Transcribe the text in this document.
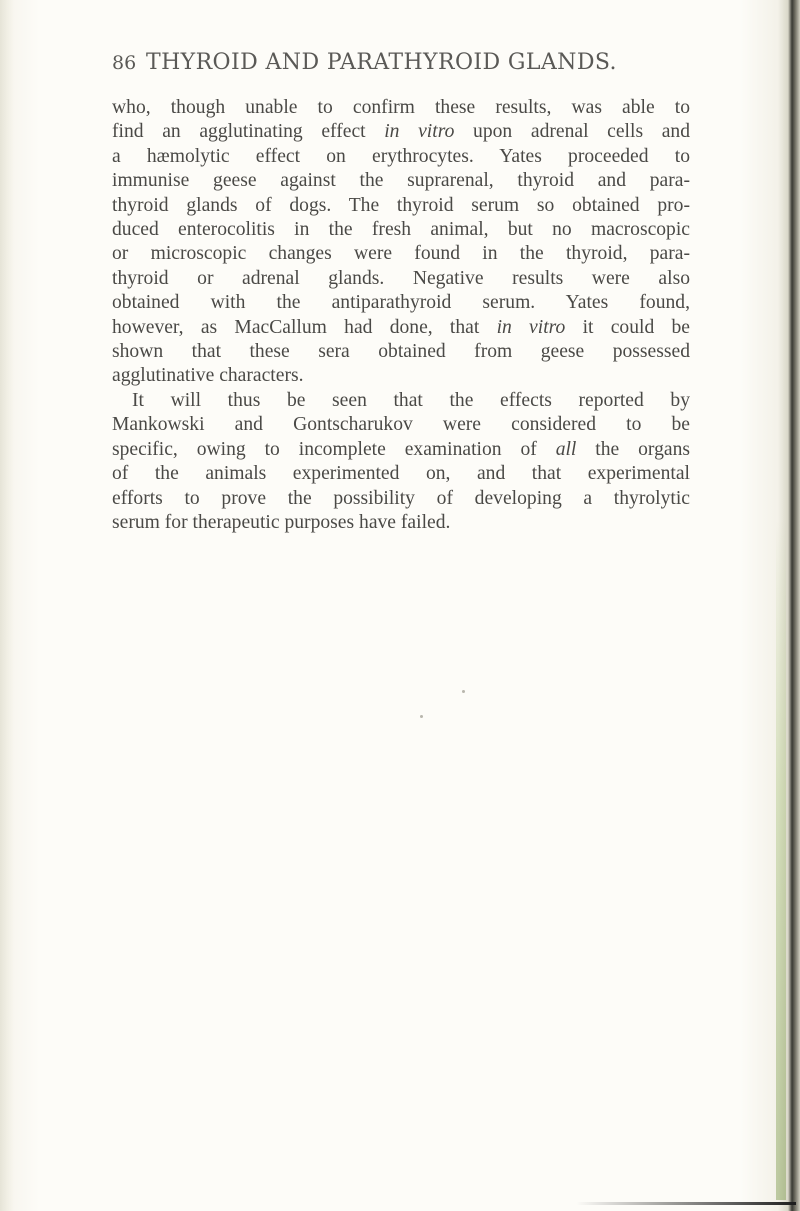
86 THYROID AND PARATHYROID GLANDS.

who, though unable to confirm these results, was able to
find an agglutinating effect in vitro upon adrenal cells and
a hæmolytic effect on erythrocytes. Yates proceeded to
immunise geese against the suprarenal, thyroid and para-
thyroid glands of dogs. The thyroid serum so obtained pro-
duced enterocolitis in the fresh animal, but no macroscopic
or microscopic changes were found in the thyroid, para-
thyroid or adrenal glands. Negative results were also
obtained with the antiparathyroid serum. Yates found,
however, as MacCallum had done, that in vitro it could be
shown that these sera obtained from geese possessed
agglutinative characters.

It will thus be seen that the effects reported by
Mankowski and Gontscharukov were considered to be
specific, owing to incomplete examination of all the organs
of the animals experimented on, and that experimental
efforts to prove the possibility of developing a thyrolytic
serum for therapeutic purposes have failed.
